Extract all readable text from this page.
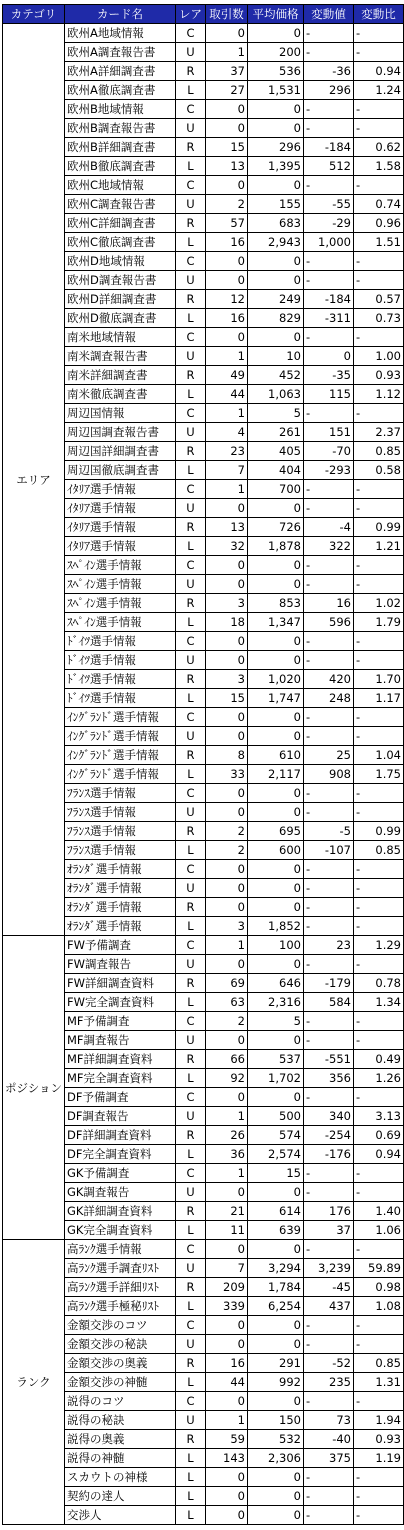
カテゴリ	カード名	レア	取引数	平均価格	変動値	変動比
エリア	欧州A地域情報	C	0	0	-	-
	欧州A調査報告書	U	1	200	-	-
	欧州A詳細調査書	R	37	536	-36	0.94
	欧州A徹底調査書	L	27	1,531	296	1.24
	欧州B地域情報	C	0	0	-	-
	欧州B調査報告書	U	0	0	-	-
	欧州B詳細調査書	R	15	296	-184	0.62
	欧州B徹底調査書	L	13	1,395	512	1.58
	欧州C地域情報	C	0	0	-	-
	欧州C調査報告書	U	2	155	-55	0.74
	欧州C詳細調査書	R	57	683	-29	0.96
	欧州C徹底調査書	L	16	2,943	1,000	1.51
	欧州D地域情報	C	0	0	-	-
	欧州D調査報告書	U	0	0	-	-
	欧州D詳細調査書	R	12	249	-184	0.57
	欧州D徹底調査書	L	16	829	-311	0.73
	南米地域情報	C	0	0	-	-
	南米調査報告書	U	1	10	0	1.00
	南米詳細調査書	R	49	452	-35	0.93
	南米徹底調査書	L	44	1,063	115	1.12
	周辺国情報	C	1	5	-	-
	周辺国調査報告書	U	4	261	151	2.37
	周辺国詳細調査書	R	23	405	-70	0.85
	周辺国徹底調査書	L	7	404	-293	0.58
	ｲﾀﾘｱ選手情報	C	1	700	-	-
	ｲﾀﾘｱ選手情報	U	0	0	-	-
	ｲﾀﾘｱ選手情報	R	13	726	-4	0.99
	ｲﾀﾘｱ選手情報	L	32	1,878	322	1.21
	ｽﾍﾟｲﾝ選手情報	C	0	0	-	-
	ｽﾍﾟｲﾝ選手情報	U	0	0	-	-
	ｽﾍﾟｲﾝ選手情報	R	3	853	16	1.02
	ｽﾍﾟｲﾝ選手情報	L	18	1,347	596	1.79
	ﾄﾞｲﾂ選手情報	C	0	0	-	-
	ﾄﾞｲﾂ選手情報	U	0	0	-	-
	ﾄﾞｲﾂ選手情報	R	3	1,020	420	1.70
	ﾄﾞｲﾂ選手情報	L	15	1,747	248	1.17
	ｲﾝｸﾞﾗﾝﾄﾞ選手情報	C	0	0	-	-
	ｲﾝｸﾞﾗﾝﾄﾞ選手情報	U	0	0	-	-
	ｲﾝｸﾞﾗﾝﾄﾞ選手情報	R	8	610	25	1.04
	ｲﾝｸﾞﾗﾝﾄﾞ選手情報	L	33	2,117	908	1.75
	ﾌﾗﾝｽ選手情報	C	0	0	-	-
	ﾌﾗﾝｽ選手情報	U	0	0	-	-
	ﾌﾗﾝｽ選手情報	R	2	695	-5	0.99
	ﾌﾗﾝｽ選手情報	L	2	600	-107	0.85
	ｵﾗﾝﾀﾞ選手情報	C	0	0	-	-
	ｵﾗﾝﾀﾞ選手情報	U	0	0	-	-
	ｵﾗﾝﾀﾞ選手情報	R	0	0	-	-
	ｵﾗﾝﾀﾞ選手情報	L	3	1,852	-	-
ポジション	FW予備調査	C	1	100	23	1.29
	FW調査報告	U	0	0	-	-
	FW詳細調査資料	R	69	646	-179	0.78
	FW完全調査資料	L	63	2,316	584	1.34
	MF予備調査	C	2	5	-	-
	MF調査報告	U	0	0	-	-
	MF詳細調査資料	R	66	537	-551	0.49
	MF完全調査資料	L	92	1,702	356	1.26
	DF予備調査	C	0	0	-	-
	DF調査報告	U	1	500	340	3.13
	DF詳細調査資料	R	26	574	-254	0.69
	DF完全調査資料	L	36	2,574	-176	0.94
	GK予備調査	C	1	15	-	-
	GK調査報告	U	0	0	-	-
	GK詳細調査資料	R	21	614	176	1.40
	GK完全調査資料	L	11	639	37	1.06
ランク	高ﾗﾝｸ選手情報	C	0	0	-	-
	高ﾗﾝｸ選手調査ﾘｽﾄ	U	7	3,294	3,239	59.89
	高ﾗﾝｸ選手詳細ﾘｽﾄ	R	209	1,784	-45	0.98
	高ﾗﾝｸ選手極秘ﾘｽﾄ	L	339	6,254	437	1.08
	金額交渉のコツ	C	0	0	-	-
	金額交渉の秘訣	U	0	0	-	-
	金額交渉の奥義	R	16	291	-52	0.85
	金額交渉の神髄	L	44	992	235	1.31
	説得のコツ	C	0	0	-	-
	説得の秘訣	U	1	150	73	1.94
	説得の奥義	R	59	532	-40	0.93
	説得の神髄	L	143	2,306	375	1.19
	スカウトの神様	L	0	0	-	-
	契約の達人	L	0	0	-	-
	交渉人	L	0	0	-	-
